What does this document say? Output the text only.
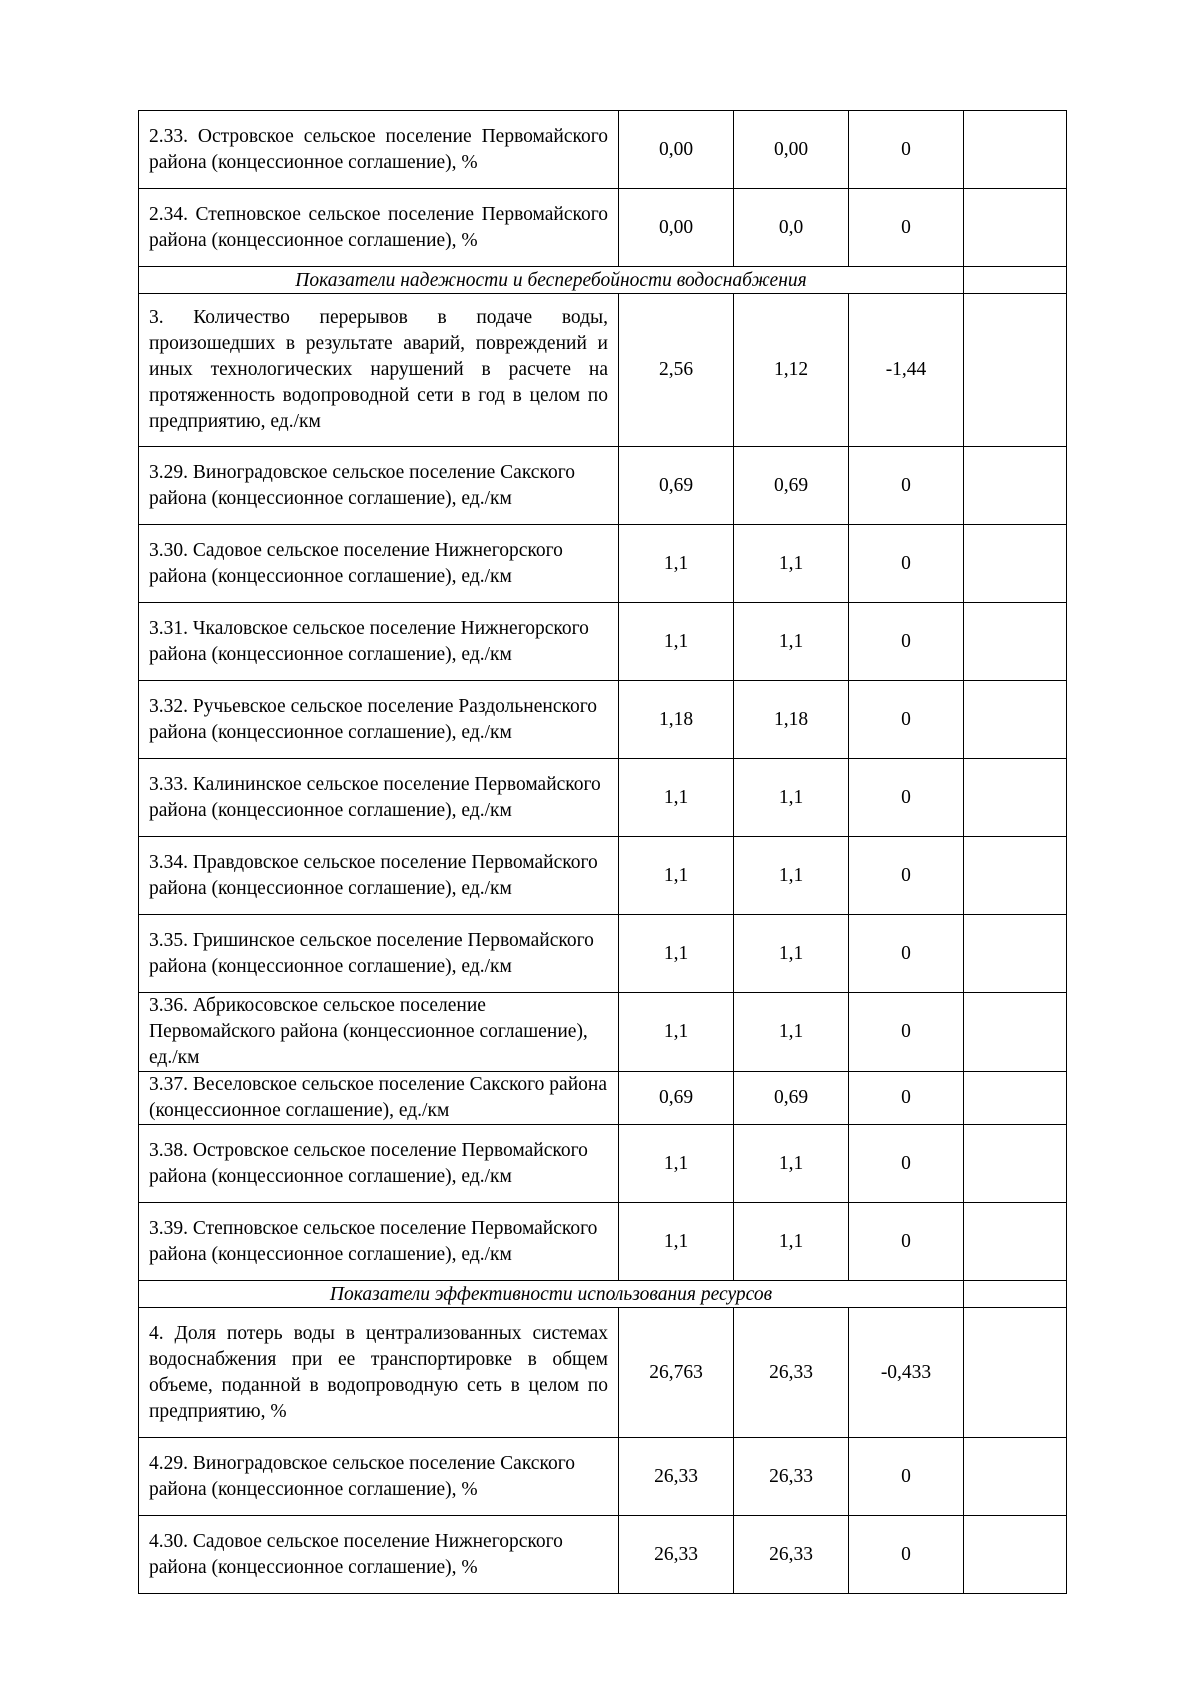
2.33. Островское сельское поселение Первомайского района (концессионное соглашение), %	0,00	0,00	0	
2.34. Степновское сельское поселение Первомайского района (концессионное соглашение), %	0,00	0,0	0	
Показатели надежности и бесперебойности водоснабжения				
3. Количество перерывов в подаче воды, произошедших в результате аварий, повреждений и иных технологических нарушений в расчете на протяженность водопроводной сети в год в целом по предприятию, ед./км	2,56	1,12	-1,44	
3.29. Виноградовское сельское поселение Сакского района (концессионное соглашение), ед./км	0,69	0,69	0	
3.30. Садовое сельское поселение Нижнегорского района (концессионное соглашение), ед./км	1,1	1,1	0	
3.31. Чкаловское сельское поселение Нижнегорского района (концессионное соглашение), ед./км	1,1	1,1	0	
3.32. Ручьевское сельское поселение Раздольненского района (концессионное соглашение), ед./км	1,18	1,18	0	
3.33. Калининское сельское поселение Первомайского района (концессионное соглашение), ед./км	1,1	1,1	0	
3.34. Правдовское сельское поселение Первомайского района (концессионное соглашение), ед./км	1,1	1,1	0	
3.35. Гришинское сельское поселение Первомайского района (концессионное соглашение), ед./км	1,1	1,1	0	
3.36. Абрикосовское сельское поселение Первомайского района (концессионное соглашение), ед./км	1,1	1,1	0	
3.37. Веселовское сельское поселение Сакского района (концессионное соглашение), ед./км	0,69	0,69	0	
3.38. Островское сельское поселение Первомайского района (концессионное соглашение), ед./км	1,1	1,1	0	
3.39. Степновское сельское поселение Первомайского района (концессионное соглашение), ед./км	1,1	1,1	0	
Показатели эффективности использования ресурсов				
4. Доля потерь воды в централизованных системах водоснабжения при ее транспортировке в общем объеме, поданной в водопроводную сеть в целом по предприятию, %	26,763	26,33	-0,433	
4.29. Виноградовское сельское поселение Сакского района (концессионное соглашение), %	26,33	26,33	0	
4.30. Садовое сельское поселение Нижнегорского района (концессионное соглашение), %	26,33	26,33	0	
